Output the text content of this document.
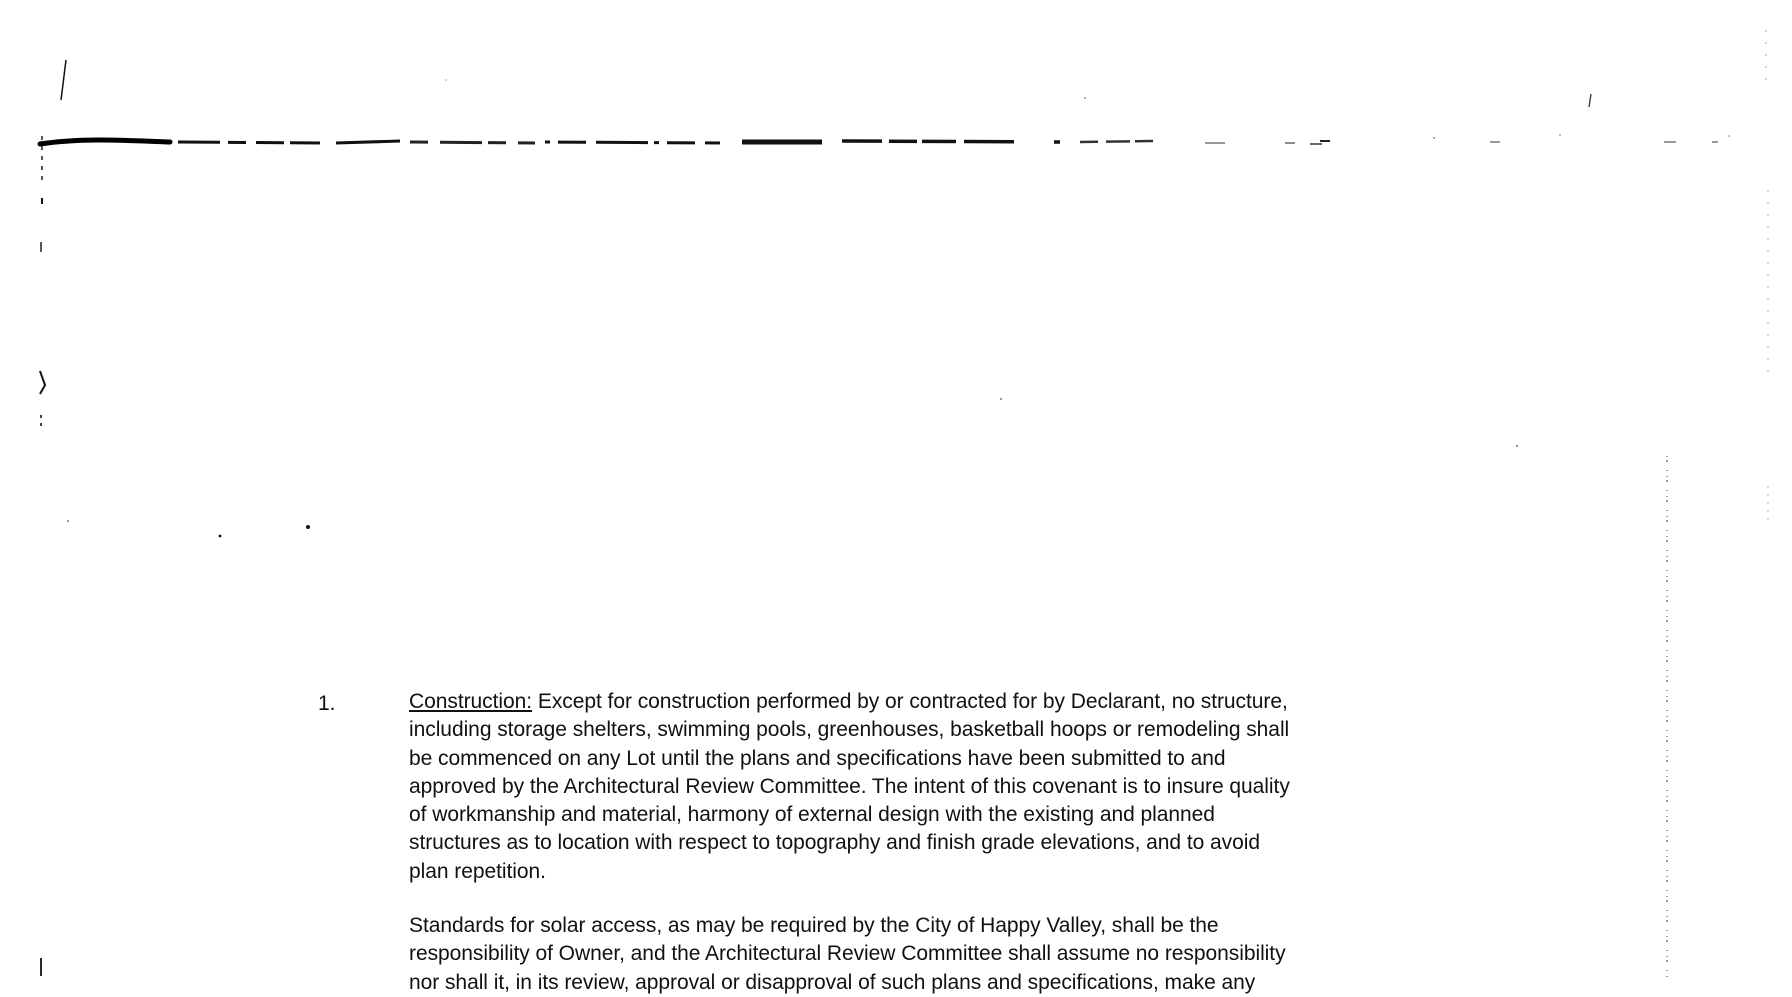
1.	Construction: Except for construction performed by or contracted for by Declarant, no structure,
including storage shelters, swimming pools, greenhouses, basketball hoops or remodeling shall
be commenced on any Lot until the plans and specifications have been submitted to and
approved by the Architectural Review Committee. The intent of this covenant is to insure quality
of workmanship and material, harmony of external design with the existing and planned
structures as to location with respect to topography and finish grade elevations, and to avoid
plan repetition.
Standards for solar access, as may be required by the City of Happy Valley, shall be the
responsibility of Owner, and the Architectural Review Committee shall assume no responsibility
nor shall it, in its review, approval or disapproval of such plans and specifications, make any
